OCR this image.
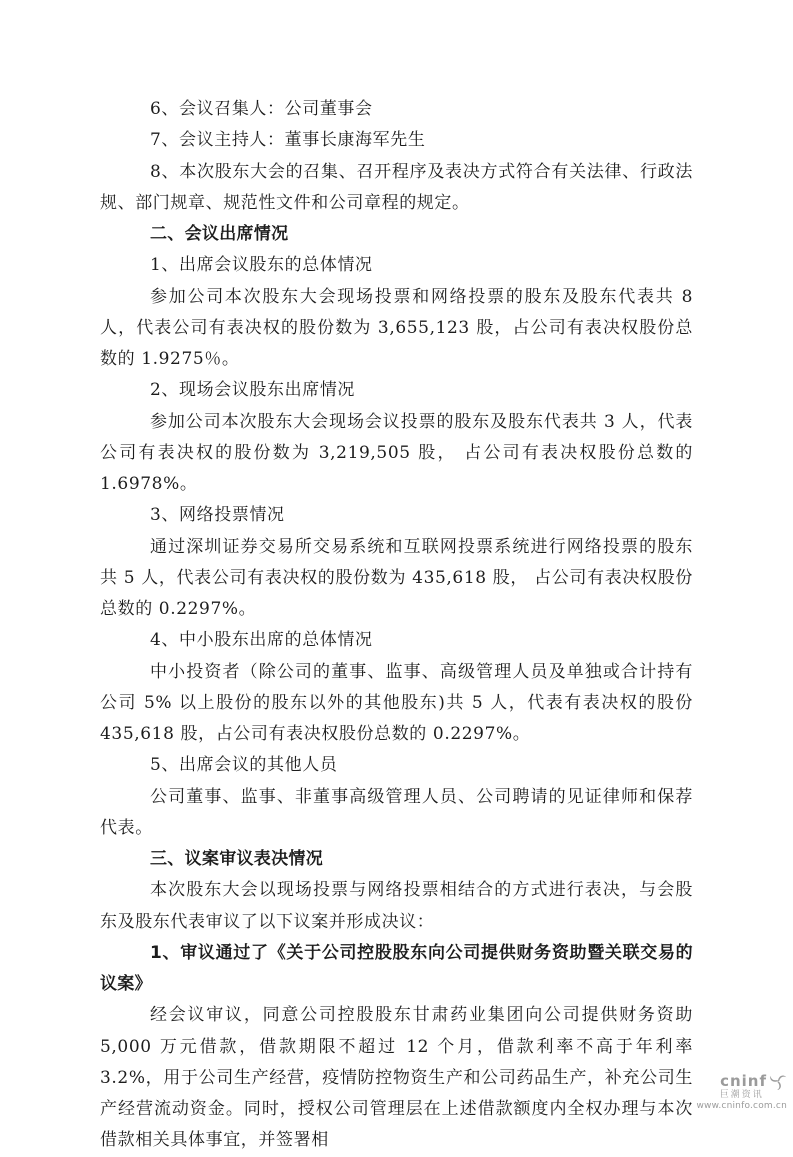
6、会议召集人：公司董事会

7、会议主持人：董事长康海军先生

8、本次股东大会的召集、召开程序及表决方式符合有关法律、行政法规、部门规章、规范性文件和公司章程的规定。

二、会议出席情况

1、出席会议股东的总体情况

参加公司本次股东大会现场投票和网络投票的股东及股东代表共 8 人，代表公司有表决权的股份数为 3,655,123 股，占公司有表决权股份总数的 1.9275％。

2、现场会议股东出席情况

参加公司本次股东大会现场会议投票的股东及股东代表共 3 人，代表公司有表决权的股份数为 3,219,505 股， 占公司有表决权股份总数的 1.6978%。

3、网络投票情况

通过深圳证券交易所交易系统和互联网投票系统进行网络投票的股东共 5 人，代表公司有表决权的股份数为 435,618 股， 占公司有表决权股份总数的 0.2297%。

4、中小股东出席的总体情况

中小投资者（除公司的董事、监事、高级管理人员及单独或合计持有公司 5% 以上股份的股东以外的其他股东)共 5 人，代表有表决权的股份 435,618 股，占公司有表决权股份总数的 0.2297%。

5、出席会议的其他人员

公司董事、监事、非董事高级管理人员、公司聘请的见证律师和保荐代表。

三、议案审议表决情况

本次股东大会以现场投票与网络投票相结合的方式进行表决，与会股东及股东代表审议了以下议案并形成决议：

1、审议通过了《关于公司控股股东向公司提供财务资助暨关联交易的议案》

经会议审议，同意公司控股股东甘肃药业集团向公司提供财务资助 5,000 万元借款，借款期限不超过 12 个月，借款利率不高于年利率 3.2%，用于公司生产经营，疫情防控物资生产和公司药品生产，补充公司生产经营流动资金。同时，授权公司管理层在上述借款额度内全权办理与本次借款相关具体事宜，并签署相

cninf
巨潮资讯
www.cninfo.com.cn
